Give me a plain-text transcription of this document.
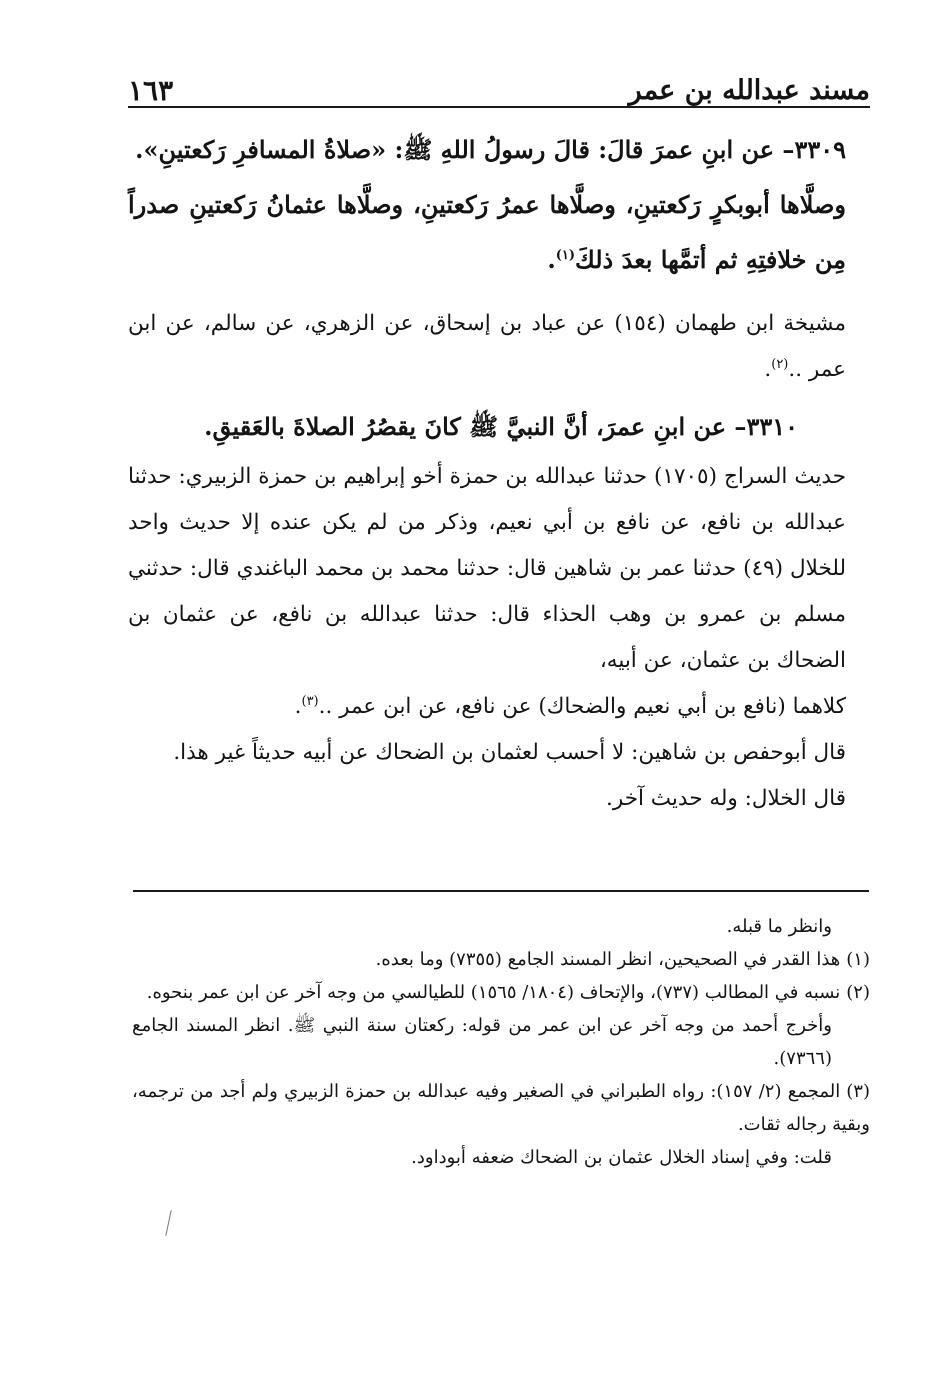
مسند عبدالله بن عمر
١٦٣

٣٣٠٩– عن ابنِ عمرَ قالَ: قالَ رسولُ اللهِ ﷺ: «صلاةُ المسافرِ رَكعتينِ».

وصلَّاها أبوبكرٍ رَكعتينِ، وصلَّاها عمرُ رَكعتينِ، وصلَّاها عثمانُ رَكعتينِ صدراً مِن خلافتِهِ ثم أتمَّها بعدَ ذلكَ$^{(١)}$.

مشيخة ابن طهمان (١٥٤) عن عباد بن إسحاق، عن الزهري، عن سالم، عن ابن عمر ..$^{(٢)}$.

٣٣١٠– عن ابنِ عمرَ، أنَّ النبيَّ ﷺ كانَ يقصُرُ الصلاةَ بالعَقيقِ.

حديث السراج (١٧٠٥) حدثنا عبدالله بن حمزة أخو إبراهيم بن حمزة الزبيري: حدثنا عبدالله بن نافع، عن نافع بن أبي نعيم، وذكر من لم يكن عنده إلا حديث واحد للخلال (٤٩) حدثنا عمر بن شاهين قال: حدثنا محمد بن محمد الباغندي قال: حدثني مسلم بن عمرو بن وهب الحذاء قال: حدثنا عبدالله بن نافع، عن عثمان بن الضحاك بن عثمان، عن أبيه،

كلاهما (نافع بن أبي نعيم والضحاك) عن نافع، عن ابن عمر ..$^{(٣)}$.

قال أبوحفص بن شاهين: لا أحسب لعثمان بن الضحاك عن أبيه حديثاً غير هذا.

قال الخلال: وله حديث آخر.

وانظر ما قبله.

(١)هذا القدر في الصحيحين، انظر المسند الجامع (٧٣٥٥) وما بعده.

(٢)نسبه في المطالب (٧٣٧)، والإتحاف (١٨٠٤/ ١٥٦٥) للطيالسي من وجه آخر عن ابن عمر بنحوه.

وأخرج أحمد من وجه آخر عن ابن عمر من قوله: ركعتان سنة النبي ﷺ. انظر المسند الجامع (٧٣٦٦).

(٣)المجمع (٢/ ١٥٧): رواه الطبراني في الصغير وفيه عبدالله بن حمزة الزبيري ولم أجد من ترجمه، وبقية رجاله ثقات.

قلت: وفي إسناد الخلال عثمان بن الضحاك ضعفه أبوداود.
